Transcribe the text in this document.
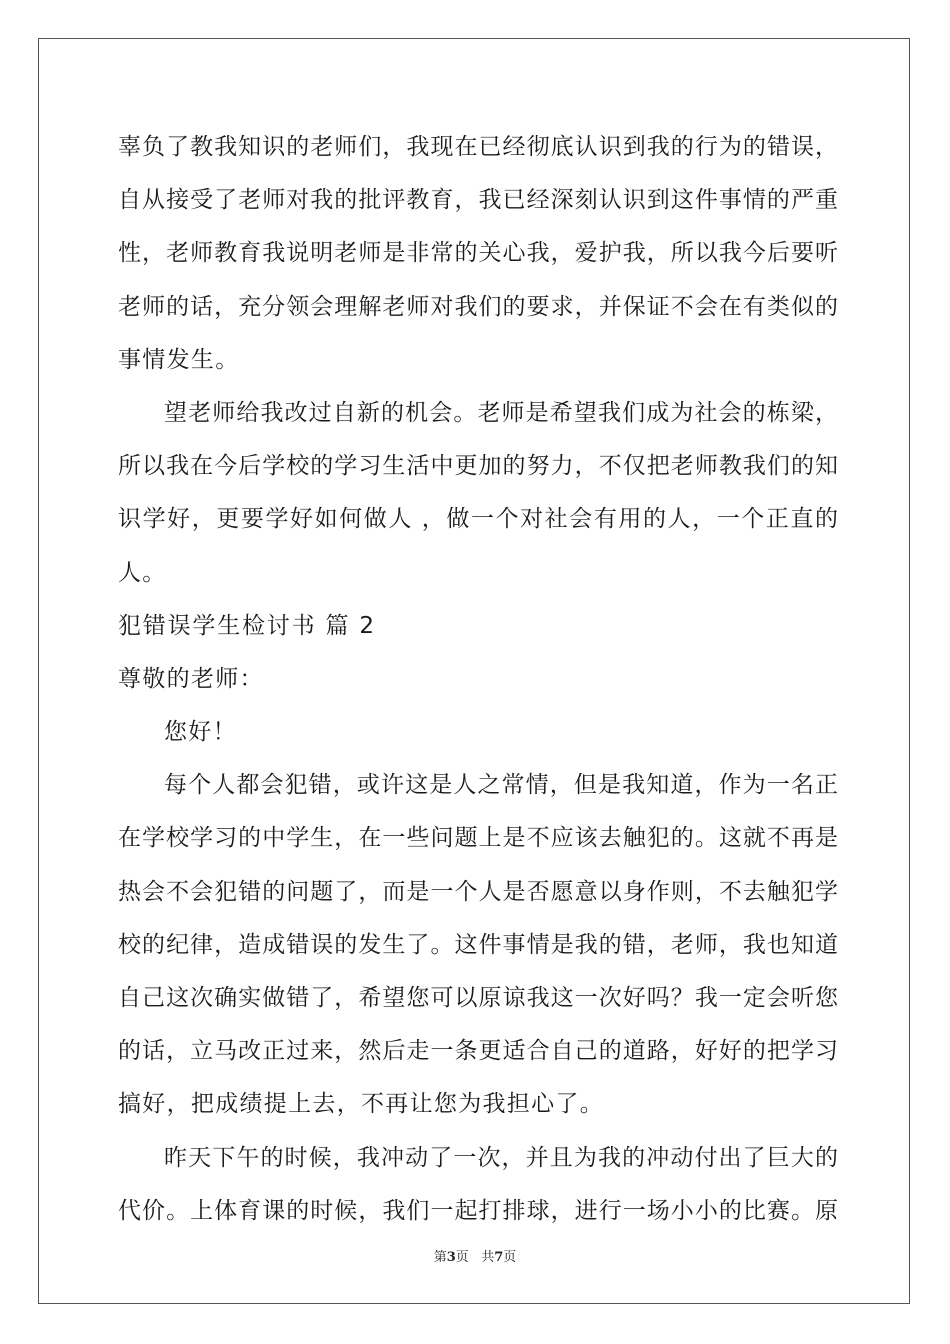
辜负了教我知识的老师们，我现在已经彻底认识到我的行为的错误，
自从接受了老师对我的批评教育，我已经深刻认识到这件事情的严重
性，老师教育我说明老师是非常的关心我，爱护我，所以我今后要听
老师的话，充分领会理解老师对我们的要求，并保证不会在有类似的
事情发生。
望老师给我改过自新的机会。老师是希望我们成为社会的栋梁，
所以我在今后学校的学习生活中更加的努力，不仅把老师教我们的知
识学好，更要学好如何做人 ，做一个对社会有用的人，一个正直的
人。
犯错误学生检讨书 篇 2
尊敬的老师：
您好！
每个人都会犯错，或许这是人之常情，但是我知道，作为一名正
在学校学习的中学生，在一些问题上是不应该去触犯的。这就不再是
热会不会犯错的问题了，而是一个人是否愿意以身作则，不去触犯学
校的纪律，造成错误的发生了。这件事情是我的错，老师，我也知道
自己这次确实做错了，希望您可以原谅我这一次好吗？我一定会听您
的话，立马改正过来，然后走一条更适合自己的道路，好好的把学习
搞好，把成绩提上去，不再让您为我担心了。
昨天下午的时候，我冲动了一次，并且为我的冲动付出了巨大的
代价。上体育课的时候，我们一起打排球，进行一场小小的比赛。原
第3页 共7页
